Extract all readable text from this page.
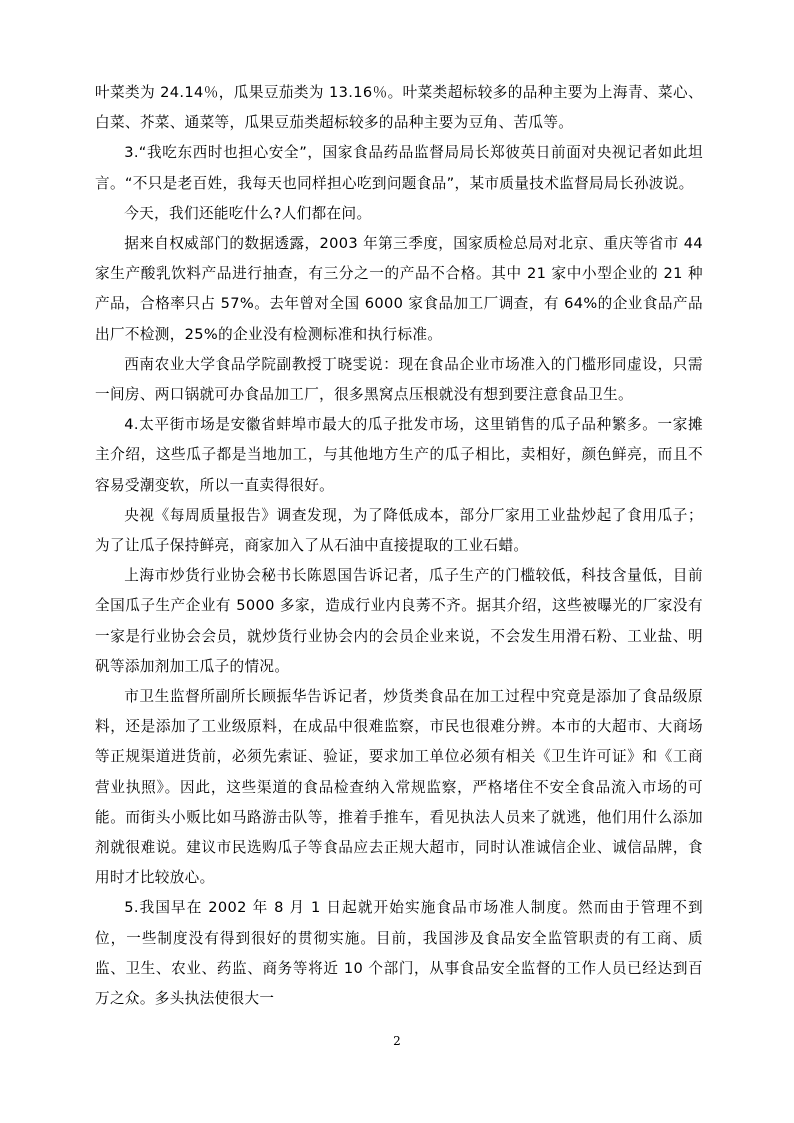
叶菜类为 24.14％，瓜果豆茄类为 13.16％。叶菜类超标较多的品种主要为上海青、菜心、白菜、芥菜、通菜等，瓜果豆茄类超标较多的品种主要为豆角、苦瓜等。

3.“我吃东西时也担心安全”，国家食品药品监督局局长郑彼英日前面对央视记者如此坦言。“不只是老百姓，我每天也同样担心吃到问题食品”，某市质量技术监督局局长孙波说。

今天，我们还能吃什么?人们都在问。

据来自权威部门的数据透露，2003 年第三季度，国家质检总局对北京、重庆等省市 44家生产酸乳饮料产品进行抽查，有三分之一的产品不合格。其中 21 家中小型企业的 21 种产品，合格率只占 57%。去年曾对全国 6000 家食品加工厂调查，有 64%的企业食品产品出厂不检测，25%的企业没有检测标准和执行标准。

西南农业大学食品学院副教授丁晓雯说：现在食品企业市场准入的门槛形同虚设，只需一间房、两口锅就可办食品加工厂，很多黑窝点压根就没有想到要注意食品卫生。

4.太平街市场是安徽省蚌埠市最大的瓜子批发市场，这里销售的瓜子品种繁多。一家摊主介绍，这些瓜子都是当地加工，与其他地方生产的瓜子相比，卖相好，颜色鲜亮，而且不容易受潮变软，所以一直卖得很好。

央视《每周质量报告》调查发现，为了降低成本，部分厂家用工业盐炒起了食用瓜子；为了让瓜子保持鲜亮，商家加入了从石油中直接提取的工业石蜡。

上海市炒货行业协会秘书长陈恩国告诉记者，瓜子生产的门槛较低，科技含量低，目前全国瓜子生产企业有 5000 多家，造成行业内良莠不齐。据其介绍，这些被曝光的厂家没有一家是行业协会会员，就炒货行业协会内的会员企业来说，不会发生用滑石粉、工业盐、明矾等添加剂加工瓜子的情况。

市卫生监督所副所长顾振华告诉记者，炒货类食品在加工过程中究竟是添加了食品级原料，还是添加了工业级原料，在成品中很难监察，市民也很难分辨。本市的大超市、大商场等正规渠道进货前，必须先索证、验证，要求加工单位必须有相关《卫生许可证》和《工商营业执照》。因此，这些渠道的食品检查纳入常规监察，严格堵住不安全食品流入市场的可能。而街头小贩比如马路游击队等，推着手推车，看见执法人员来了就逃，他们用什么添加剂就很难说。建议市民选购瓜子等食品应去正规大超市，同时认准诚信企业、诚信品牌，食用时才比较放心。

5.我国早在 2002 年 8 月 1 日起就开始实施食品市场准人制度。然而由于管理不到位，一些制度没有得到很好的贯彻实施。目前，我国涉及食品安全监管职责的有工商、质监、卫生、农业、药监、商务等将近 10 个部门，从事食品安全监督的工作人员已经达到百万之众。多头执法使很大一

2
